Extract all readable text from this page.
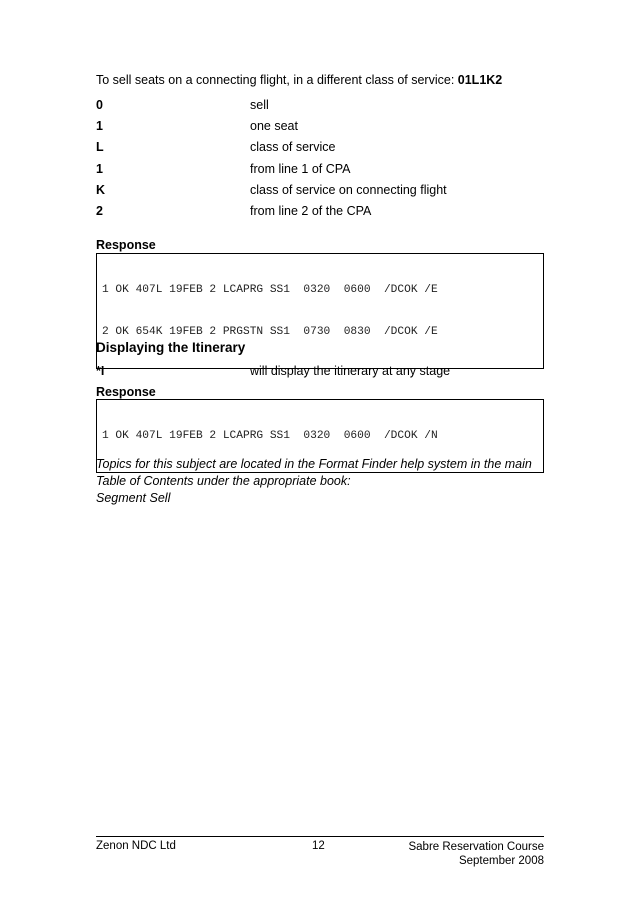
To sell seats on a connecting flight, in a different class of service: 01L1K2
0	sell
1	one seat
L	class of service
1	from line 1 of CPA
K	class of service on connecting flight
2	from line 2 of the CPA
Response

1 OK 407L 19FEB 2 LCAPRG SS1  0320  0600  /DCOK /E

2 OK 654K 19FEB 2 PRGSTN SS1  0730  0830  /DCOK /E

Displaying the Itinerary
*I	will display the itinerary at any stage
Response

1 OK 407L 19FEB 2 LCAPRG SS1  0320  0600  /DCOK /N

Topics for this subject are located in the Format Finder help system in the main Table of Contents under the appropriate book:
Segment Sell
Zenon NDC Ltd	12	Sabre Reservation Course
September 2008
